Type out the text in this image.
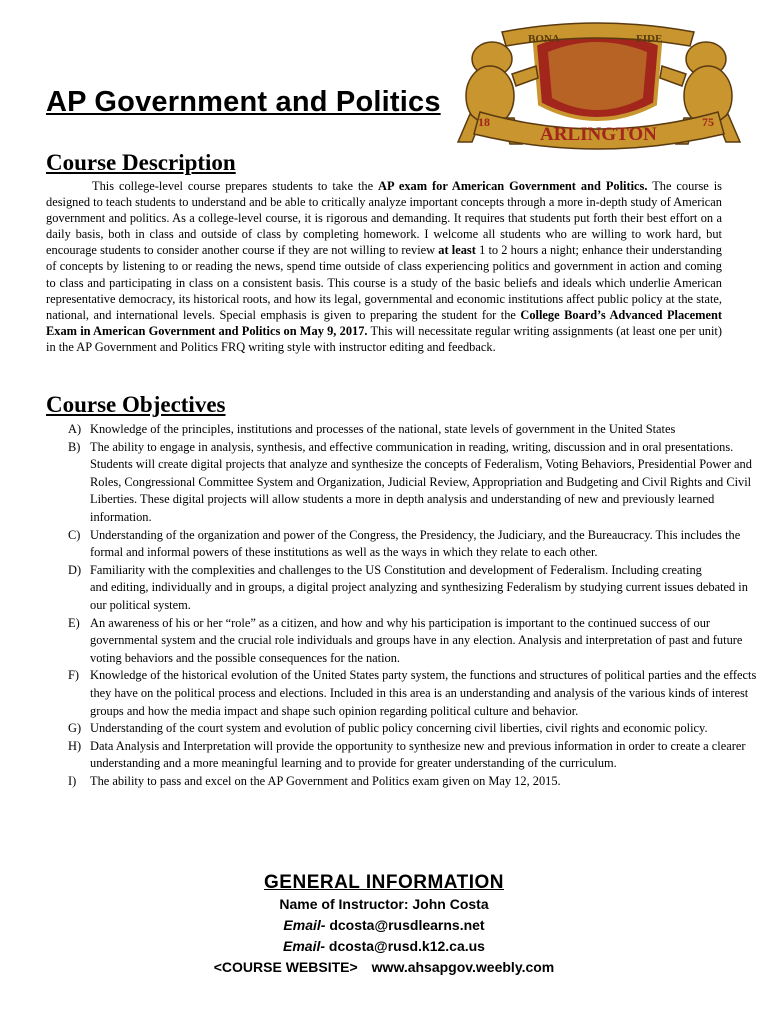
BONA	FIDE
ARLINGTON
18	75
AP Government and Politics
Course Description

This college-level course prepares students to take the AP exam for American Government and Politics. The course is designed to teach students to understand and be able to critically analyze important concepts through a more in-depth study of American government and politics. As a college-level course, it is rigorous and demanding. It requires that students put forth their best effort on a daily basis, both in class and outside of class by completing homework. I welcome all students who are willing to work hard, but encourage students to consider another course if they are not willing to review at least 1 to 2 hours a night; enhance their understanding of concepts by listening to or reading the news, spend time outside of class experiencing politics and government in action and coming to class and participating in class on a consistent basis. This course is a study of the basic beliefs and ideals which underlie American representative democracy, its historical roots, and how its legal, governmental and economic institutions affect public policy at the state, national, and international levels. Special emphasis is given to preparing the student for the College Board’s Advanced Placement Exam in American Government and Politics on May 9, 2017. This will necessitate regular writing assignments (at least one per unit) in the AP Government and Politics FRQ writing style with instructor editing and feedback.

Course Objectives
A) Knowledge of the principles, institutions and processes of the national, state levels of government in the United States
B) The ability to engage in analysis, synthesis, and effective communication in reading, writing, discussion and in oral presentations. Students will create digital projects that analyze and synthesize the concepts of Federalism, Voting Behaviors, Presidential Power and Roles, Congressional Committee System and Organization, Judicial Review, Appropriation and Budgeting and Civil Rights and Civil Liberties. These digital projects will allow students a more in depth analysis and understanding of new and previously learned information.
C) Understanding of the organization and power of the Congress, the Presidency, the Judiciary, and the Bureaucracy. This includes the formal and informal powers of these institutions as well as the ways in which they relate to each other.
D) Familiarity with the complexities and challenges to the US Constitution and development of Federalism. Including creating
and editing, individually and in groups, a digital project analyzing and synthesizing Federalism by studying current issues debated in our political system.
E) An awareness of his or her “role” as a citizen, and how and why his participation is important to the continued success of our governmental system and the crucial role individuals and groups have in any election. Analysis and interpretation of past and future voting behaviors and the possible consequences for the nation.
F) Knowledge of the historical evolution of the United States party system, the functions and structures of political parties and the effects they have on the political process and elections. Included in this area is an understanding and analysis of the various kinds of interest groups and how the media impact and shape such opinion regarding political culture and behavior.
G) Understanding of the court system and evolution of public policy concerning civil liberties, civil rights and economic policy.
H) Data Analysis and Interpretation will provide the opportunity to synthesize new and previous information in order to create a clearer understanding and a more meaningful learning and to provide for greater understanding of the curriculum.
I) The ability to pass and excel on the AP Government and Politics exam given on May 12, 2015.
GENERAL INFORMATION

Name of Instructor: John Costa

Email- dcosta@rusdlearns.net

Email- dcosta@rusd.k12.ca.us

<COURSE WEBSITE> www.ahsapgov.weebly.com
